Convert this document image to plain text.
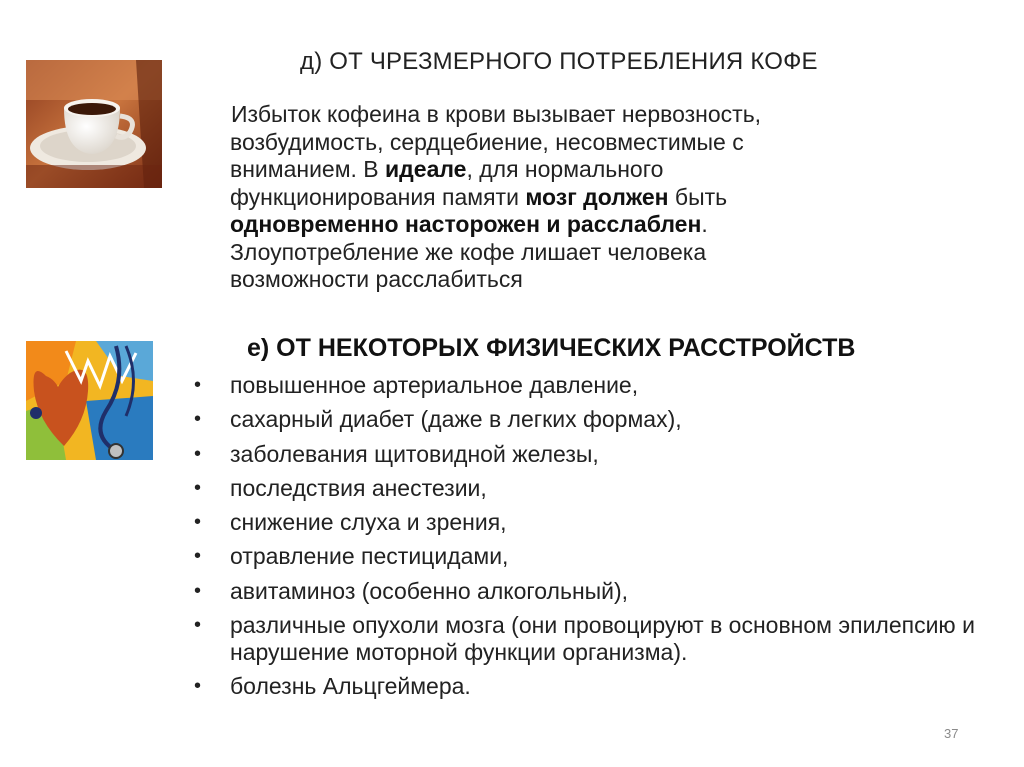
д) ОТ ЧРЕЗМЕРНОГО ПОТРЕБЛЕНИЯ КОФЕ
Избыток кофеина в крови вызывает нервозность,
возбудимость, сердцебиение, несовместимые с
вниманием. В идеале, для нормального
функционирования памяти мозг должен быть
одновременно насторожен и расслаблен.
Злоупотребление же кофе лишает человека
возможности расслабиться
е) ОТ НЕКОТОРЫХ ФИЗИЧЕСКИХ РАССТРОЙСТВ
• повышенное артериальное давление,
• сахарный диабет (даже в легких формах),
• заболевания щитовидной железы,
• последствия анестезии,
• снижение слуха и зрения,
• отравление пестицидами,
• авитаминоз (особенно алкогольный),
• различные опухоли мозга (они провоцируют в основном эпилепсию и нарушение моторной функции организма).
• болезнь Альцгеймера.
37
